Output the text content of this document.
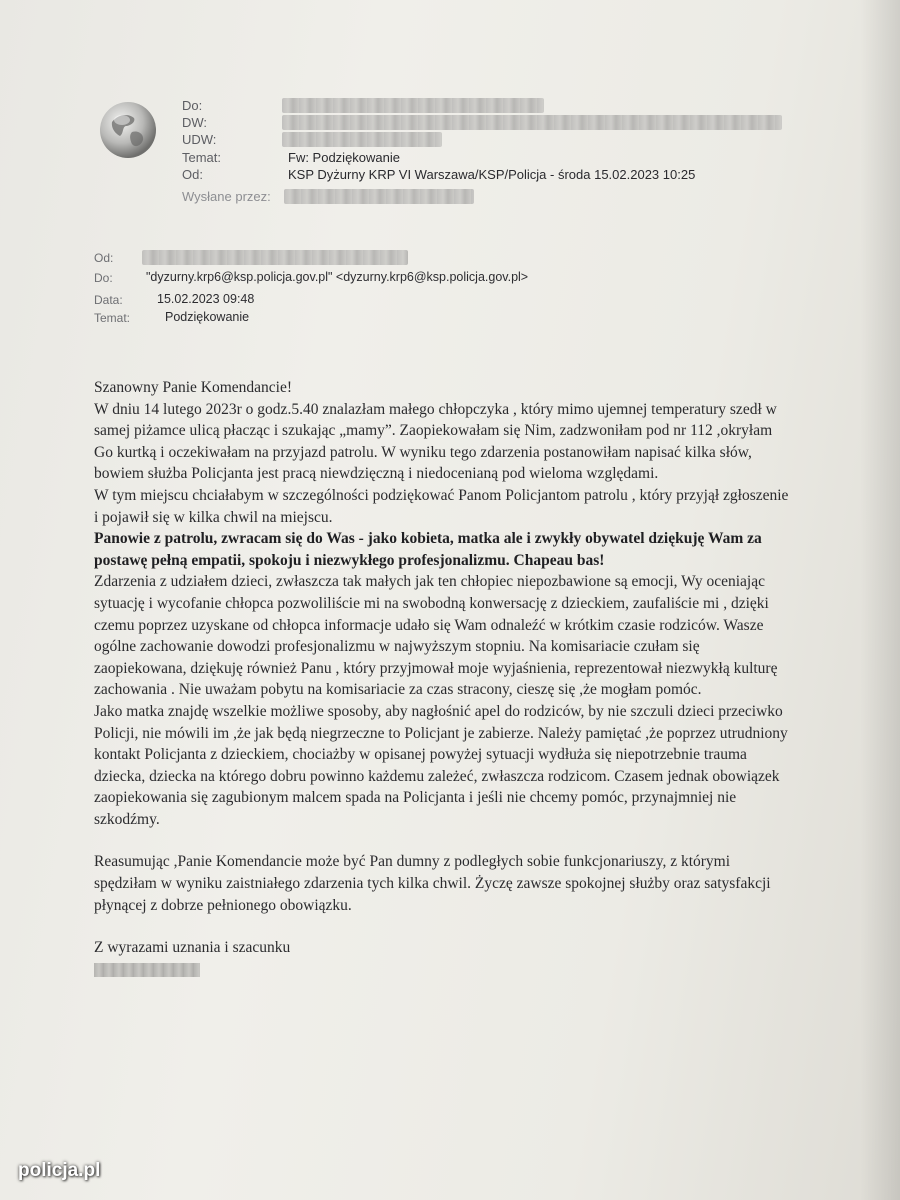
Do:
DW:
UDW:
Temat:	Fw: Podziękowanie
Od:	KSP Dyżurny KRP VI Warszawa/KSP/Policja - środa 15.02.2023 10:25
Wysłane przez:
Od:
Do:	"dyzurny.krp6@ksp.policja.gov.pl" <dyzurny.krp6@ksp.policja.gov.pl>
Data:	15.02.2023 09:48
Temat:	Podziękowanie

Szanowny Panie Komendancie!

W dniu 14 lutego 2023r o godz.5.40 znalazłam małego chłopczyka , który mimo ujemnej temperatury szedł w samej piżamce ulicą płacząc i szukając „mamy”. Zaopiekowałam się Nim, zadzwoniłam pod nr 112 ,okryłam Go kurtką i oczekiwałam na przyjazd patrolu. W wyniku tego zdarzenia postanowiłam napisać kilka słów, bowiem służba Policjanta jest pracą niewdzięczną i niedocenianą pod wieloma względami.

W tym miejscu chciałabym w szczególności podziękować Panom Policjantom patrolu , który przyjął zgłoszenie i pojawił się w kilka chwil na miejscu.

Panowie z patrolu, zwracam się do Was - jako kobieta, matka ale i zwykły obywatel dziękuję Wam za postawę pełną empatii, spokoju i niezwykłego profesjonalizmu. Chapeau bas!

Zdarzenia z udziałem dzieci, zwłaszcza tak małych jak ten chłopiec niepozbawione są emocji, Wy oceniając sytuację i wycofanie chłopca pozwoliliście mi na swobodną konwersację z dzieckiem, zaufaliście mi , dzięki czemu poprzez uzyskane od chłopca informacje udało się Wam odnaleźć w krótkim czasie rodziców. Wasze ogólne zachowanie dowodzi profesjonalizmu w najwyższym stopniu. Na komisariacie czułam się zaopiekowana, dziękuję również Panu , który przyjmował moje wyjaśnienia, reprezentował niezwykłą kulturę zachowania . Nie uważam pobytu na komisariacie za czas stracony, cieszę się ,że mogłam pomóc.

Jako matka znajdę wszelkie możliwe sposoby, aby nagłośnić apel do rodziców, by nie szczuli dzieci przeciwko Policji, nie mówili im ,że jak będą niegrzeczne to Policjant je zabierze. Należy pamiętać ,że poprzez utrudniony kontakt Policjanta z dzieckiem, chociażby w opisanej powyżej sytuacji wydłuża się niepotrzebnie trauma dziecka, dziecka na którego dobru powinno każdemu zależeć, zwłaszcza rodzicom. Czasem jednak obowiązek zaopiekowania się zagubionym malcem spada na Policjanta i jeśli nie chcemy pomóc, przynajmniej nie szkodźmy.

Reasumując ,Panie Komendancie może być Pan dumny z podległych sobie funkcjonariuszy, z którymi spędziłam w wyniku zaistniałego zdarzenia tych kilka chwil. Życzę zawsze spokojnej służby oraz satysfakcji płynącej z dobrze pełnionego obowiązku.

Z wyrazami uznania i szacunku

policja.pl
